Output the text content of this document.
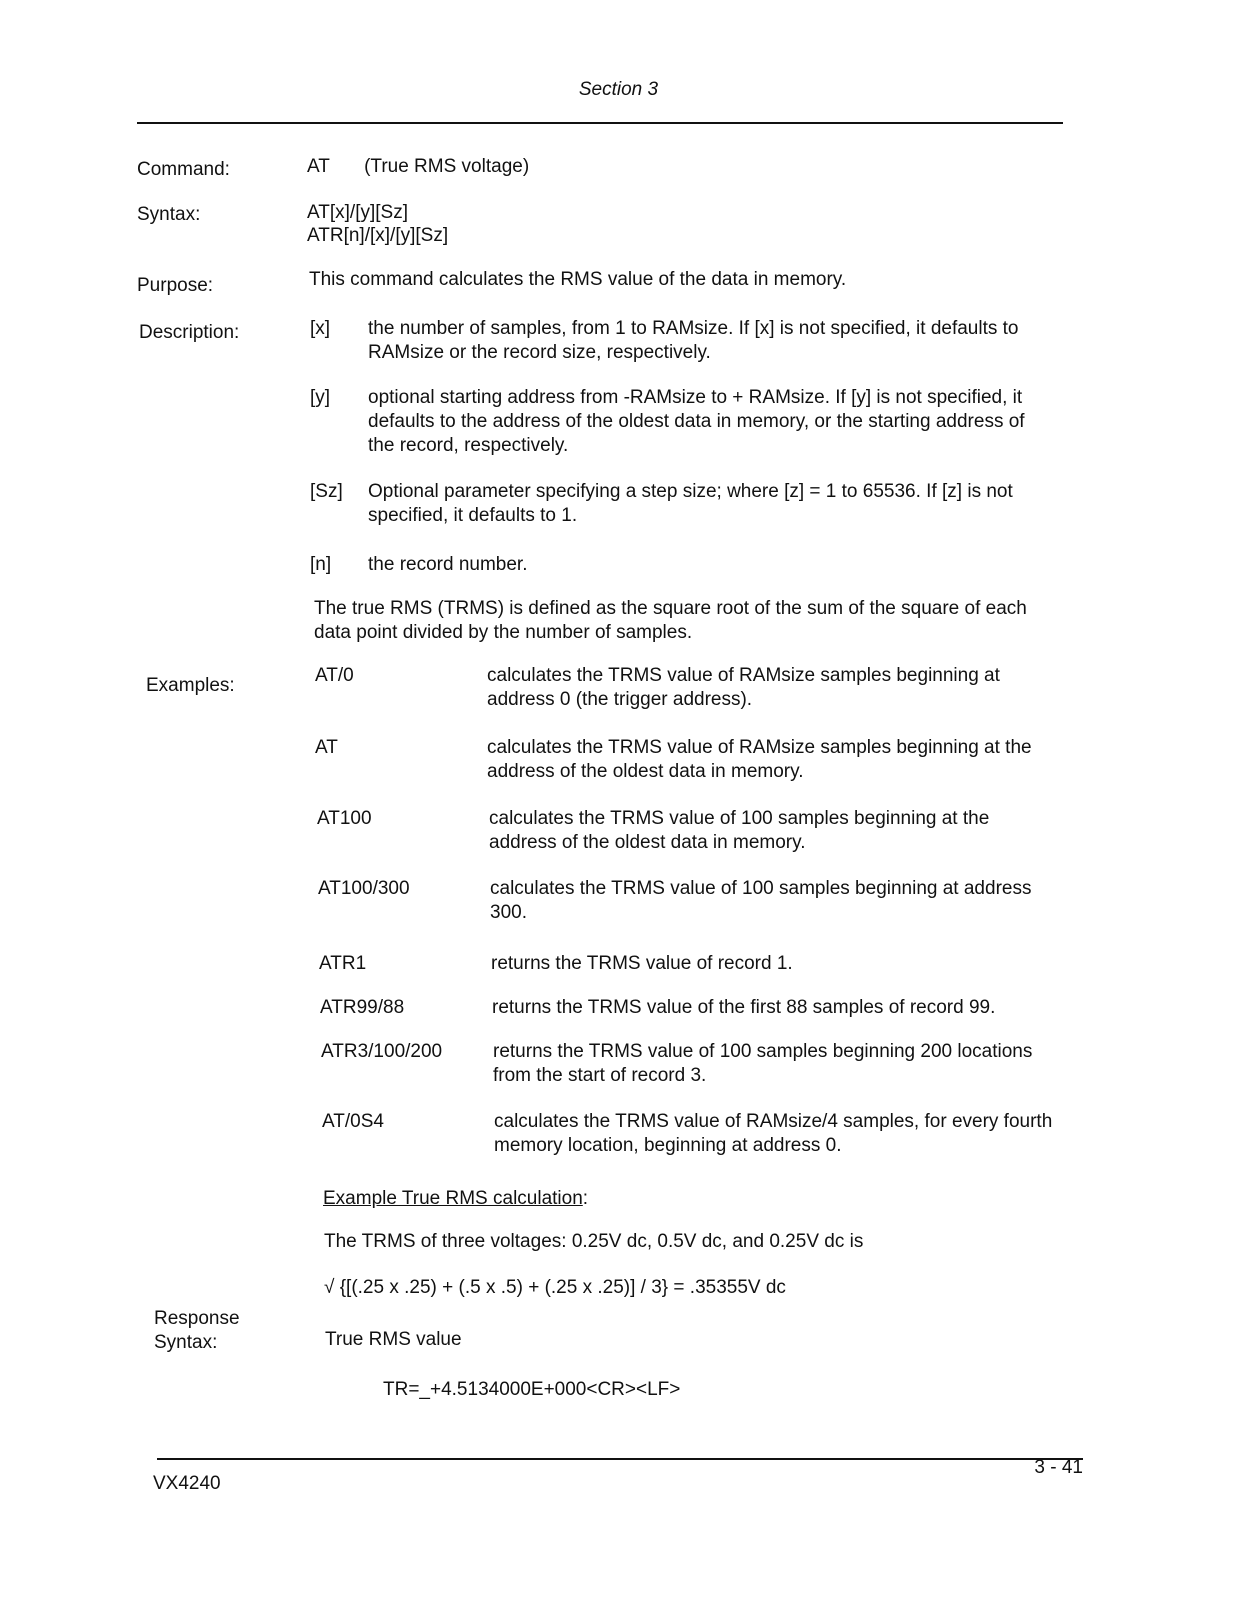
Section 3
Command:	AT (True RMS voltage)
Syntax:	AT[x]/[y][Sz]
ATR[n]/[x]/[y][Sz]
Purpose:	This command calculates the RMS value of the data in memory.
Description:	[x] the number of samples, from 1 to RAMsize. If [x] is not specified, it defaults to RAMsize or the record size, respectively.
[y] optional starting address from -RAMsize to + RAMsize. If [y] is not specified, it defaults to the address of the oldest data in memory, or the starting address of the record, respectively.
[Sz] Optional parameter specifying a step size; where [z] = 1 to 65536. If [z] is not specified, it defaults to 1.
[n] the record number.
The true RMS (TRMS) is defined as the square root of the sum of the square of each data point divided by the number of samples.
Examples:	AT/0	calculates the TRMS value of RAMsize samples beginning at address 0 (the trigger address).
AT	calculates the TRMS value of RAMsize samples beginning at the address of the oldest data in memory.
AT100	calculates the TRMS value of 100 samples beginning at the address of the oldest data in memory.
AT100/300	calculates the TRMS value of 100 samples beginning at address 300.
ATR1	returns the TRMS value of record 1.
ATR99/88	returns the TRMS value of the first 88 samples of record 99.
ATR3/100/200	returns the TRMS value of 100 samples beginning 200 locations from the start of record 3.
AT/0S4	calculates the TRMS value of RAMsize/4 samples, for every fourth memory location, beginning at address 0.
Example True RMS calculation:
The TRMS of three voltages: 0.25V dc, 0.5V dc, and 0.25V dc is
√ {[(.25 x .25) + (.5 x .5) + (.25 x .25)] / 3} = .35355V dc
Response
Syntax:	True RMS value
TR=_+4.5134000E+000<CR><LF>
VX4240
3 - 41
